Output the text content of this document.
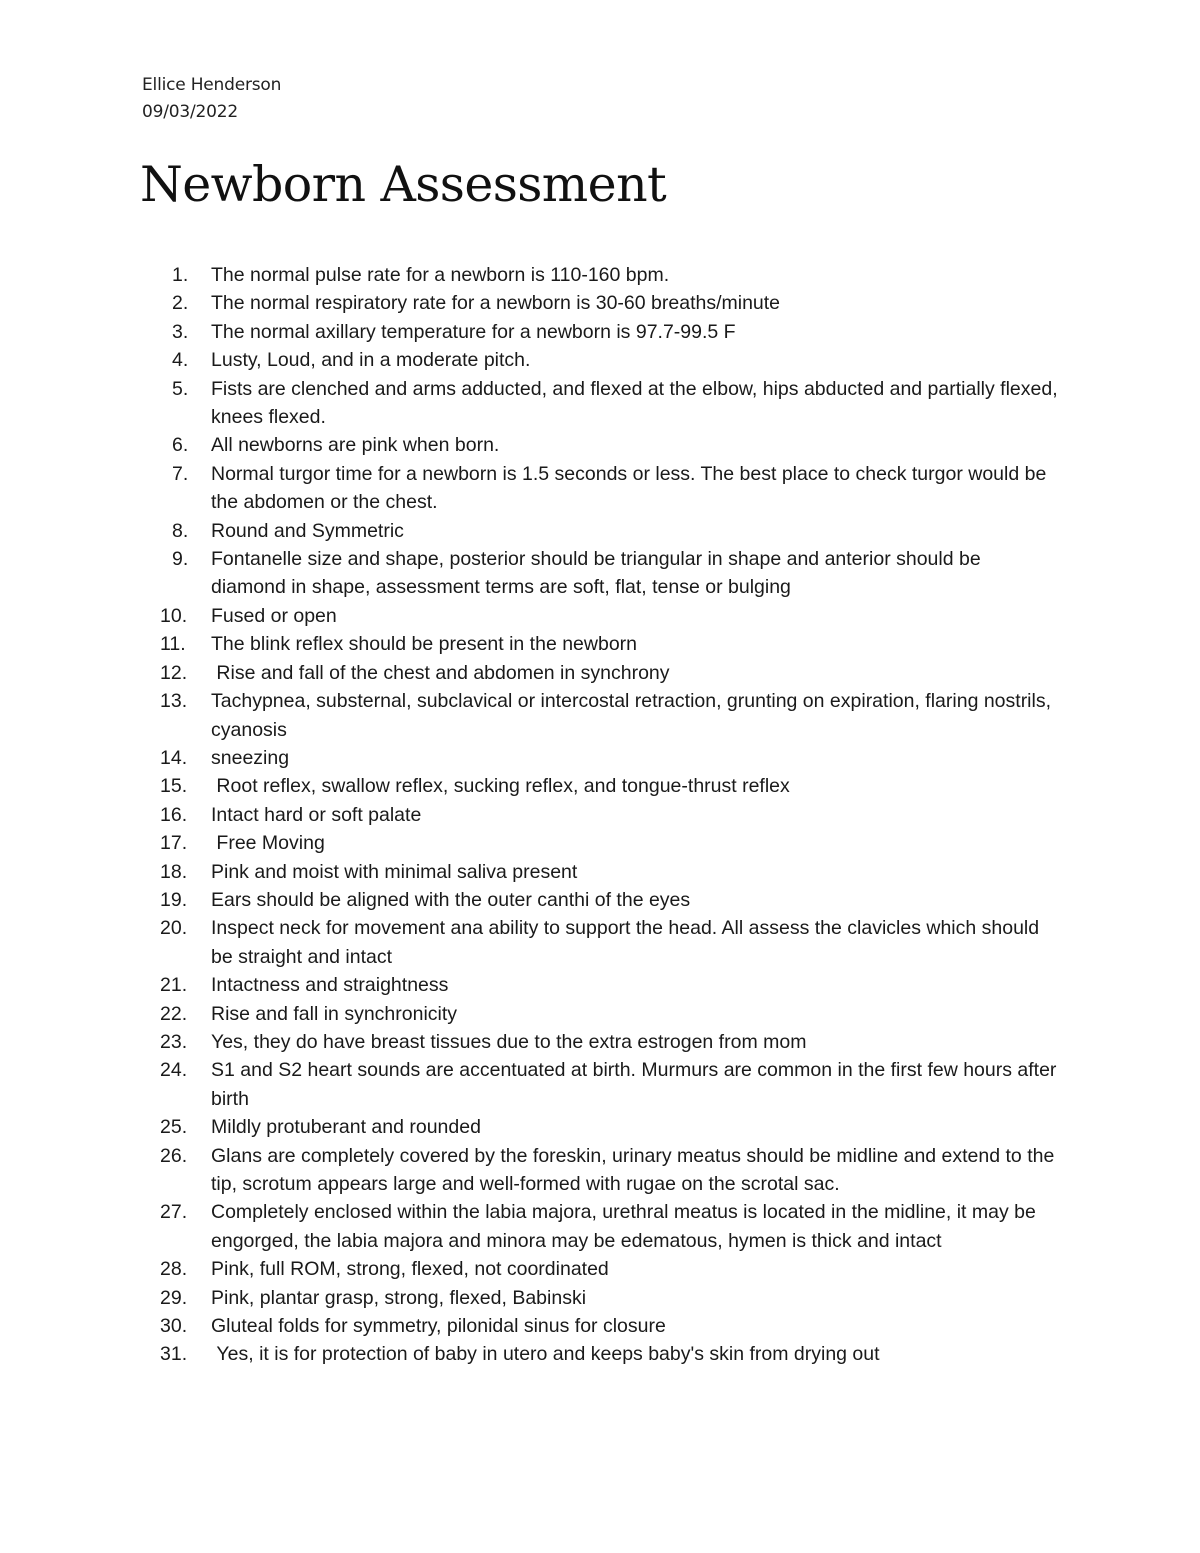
Ellice Henderson
09/03/2022
Newborn Assessment
1.	The normal pulse rate for a newborn is 110-160 bpm.
2.	The normal respiratory rate for a newborn is 30-60 breaths/minute
3.	The normal axillary temperature for a newborn is 97.7-99.5 F
4.	Lusty, Loud, and in a moderate pitch.
5.	Fists are clenched and arms adducted, and flexed at the elbow, hips abducted and partially flexed, knees flexed.
6.	All newborns are pink when born.
7.	Normal turgor time for a newborn is 1.5 seconds or less. The best place to check turgor would be the abdomen or the chest.
8.	Round and Symmetric
9.	Fontanelle size and shape, posterior should be triangular in shape and anterior should be diamond in shape, assessment terms are soft, flat, tense or bulging
10.	Fused or open
11.	The blink reflex should be present in the newborn
12.	Rise and fall of the chest and abdomen in synchrony
13.	Tachypnea, substernal, subclavical or intercostal retraction, grunting on expiration, flaring nostrils, cyanosis
14.	sneezing
15.	Root reflex, swallow reflex, sucking reflex, and tongue-thrust reflex
16.	Intact hard or soft palate
17.	Free Moving
18.	Pink and moist with minimal saliva present
19.	Ears should be aligned with the outer canthi of the eyes
20.	Inspect neck for movement ana ability to support the head. All assess the clavicles which should be straight and intact
21.	Intactness and straightness
22.	Rise and fall in synchronicity
23.	Yes, they do have breast tissues due to the extra estrogen from mom
24.	S1 and S2 heart sounds are accentuated at birth. Murmurs are common in the first few hours after birth
25.	Mildly protuberant and rounded
26.	Glans are completely covered by the foreskin, urinary meatus should be midline and extend to the tip, scrotum appears large and well-formed with rugae on the scrotal sac.
27.	Completely enclosed within the labia majora, urethral meatus is located in the midline, it may be engorged, the labia majora and minora may be edematous, hymen is thick and intact
28.	Pink, full ROM, strong, flexed, not coordinated
29.	Pink, plantar grasp, strong, flexed, Babinski
30.	Gluteal folds for symmetry, pilonidal sinus for closure
31.	Yes, it is for protection of baby in utero and keeps baby's skin from drying out
